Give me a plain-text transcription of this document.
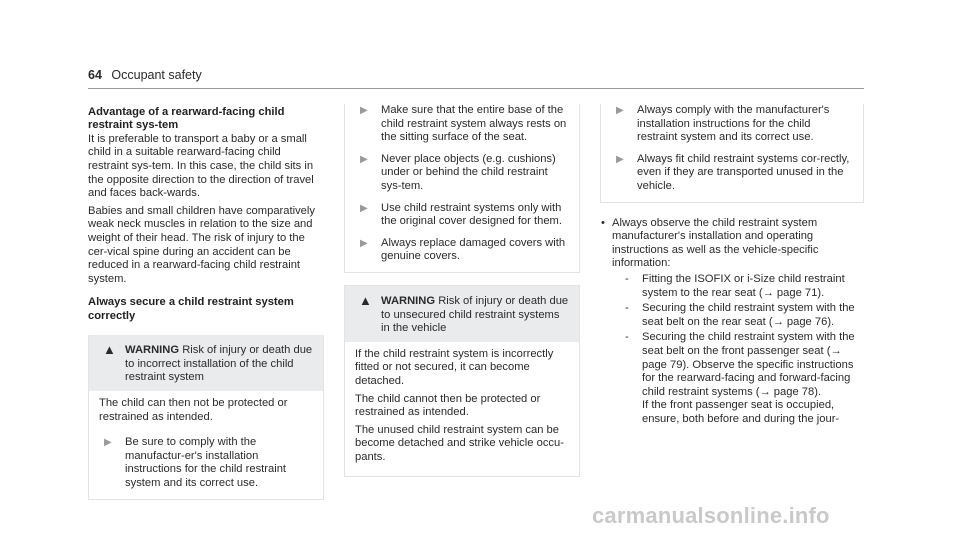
64 Occupant safety
Advantage of a rearward-facing child restraint sys-tem

It is preferable to transport a baby or a small child in a suitable rearward-facing child restraint sys-tem. In this case, the child sits in the opposite direction to the direction of travel and faces back-wards.

Babies and small children have comparatively weak neck muscles in relation to the size and weight of their head. The risk of injury to the cer-vical spine during an accident can be reduced in a rearward-facing child restraint system.

Always secure a child restraint system correctly
▲ WARNING Risk of injury or death due to incorrect installation of the child restraint system

The child can then not be protected or restrained as intended.

▶ Be sure to comply with the manufactur-er's installation instructions for the child restraint system and its correct use.
▶ Make sure that the entire base of the child restraint system always rests on the sitting surface of the seat.
▶ Never place objects (e.g. cushions) under or behind the child restraint sys-tem.
▶ Use child restraint systems only with the original cover designed for them.
▶ Always replace damaged covers with genuine covers.
▲ WARNING Risk of injury or death due to unsecured child restraint systems in the vehicle

If the child restraint system is incorrectly fitted or not secured, it can become detached.

The child cannot then be protected or restrained as intended.

The unused child restraint system can be become detached and strike vehicle occu-pants.

▶ Always comply with the manufacturer's installation instructions for the child restraint system and its correct use.
▶ Always fit child restraint systems cor-rectly, even if they are transported unused in the vehicle.
• Always observe the child restraint system manufacturer's installation and operating instructions as well as the vehicle-specific information:
- Fitting the ISOFIX or i-Size child restraint system to the rear seat (→ page 71).
- Securing the child restraint system with the seat belt on the rear seat (→ page 76).
- Securing the child restraint system with the seat belt on the front passenger seat (→ page 79). Observe the specific instructions for the rearward-facing and forward-facing child restraint systems (→ page 78).
If the front passenger seat is occupied, ensure, both before and during the jour-
carmanualsonline.info
